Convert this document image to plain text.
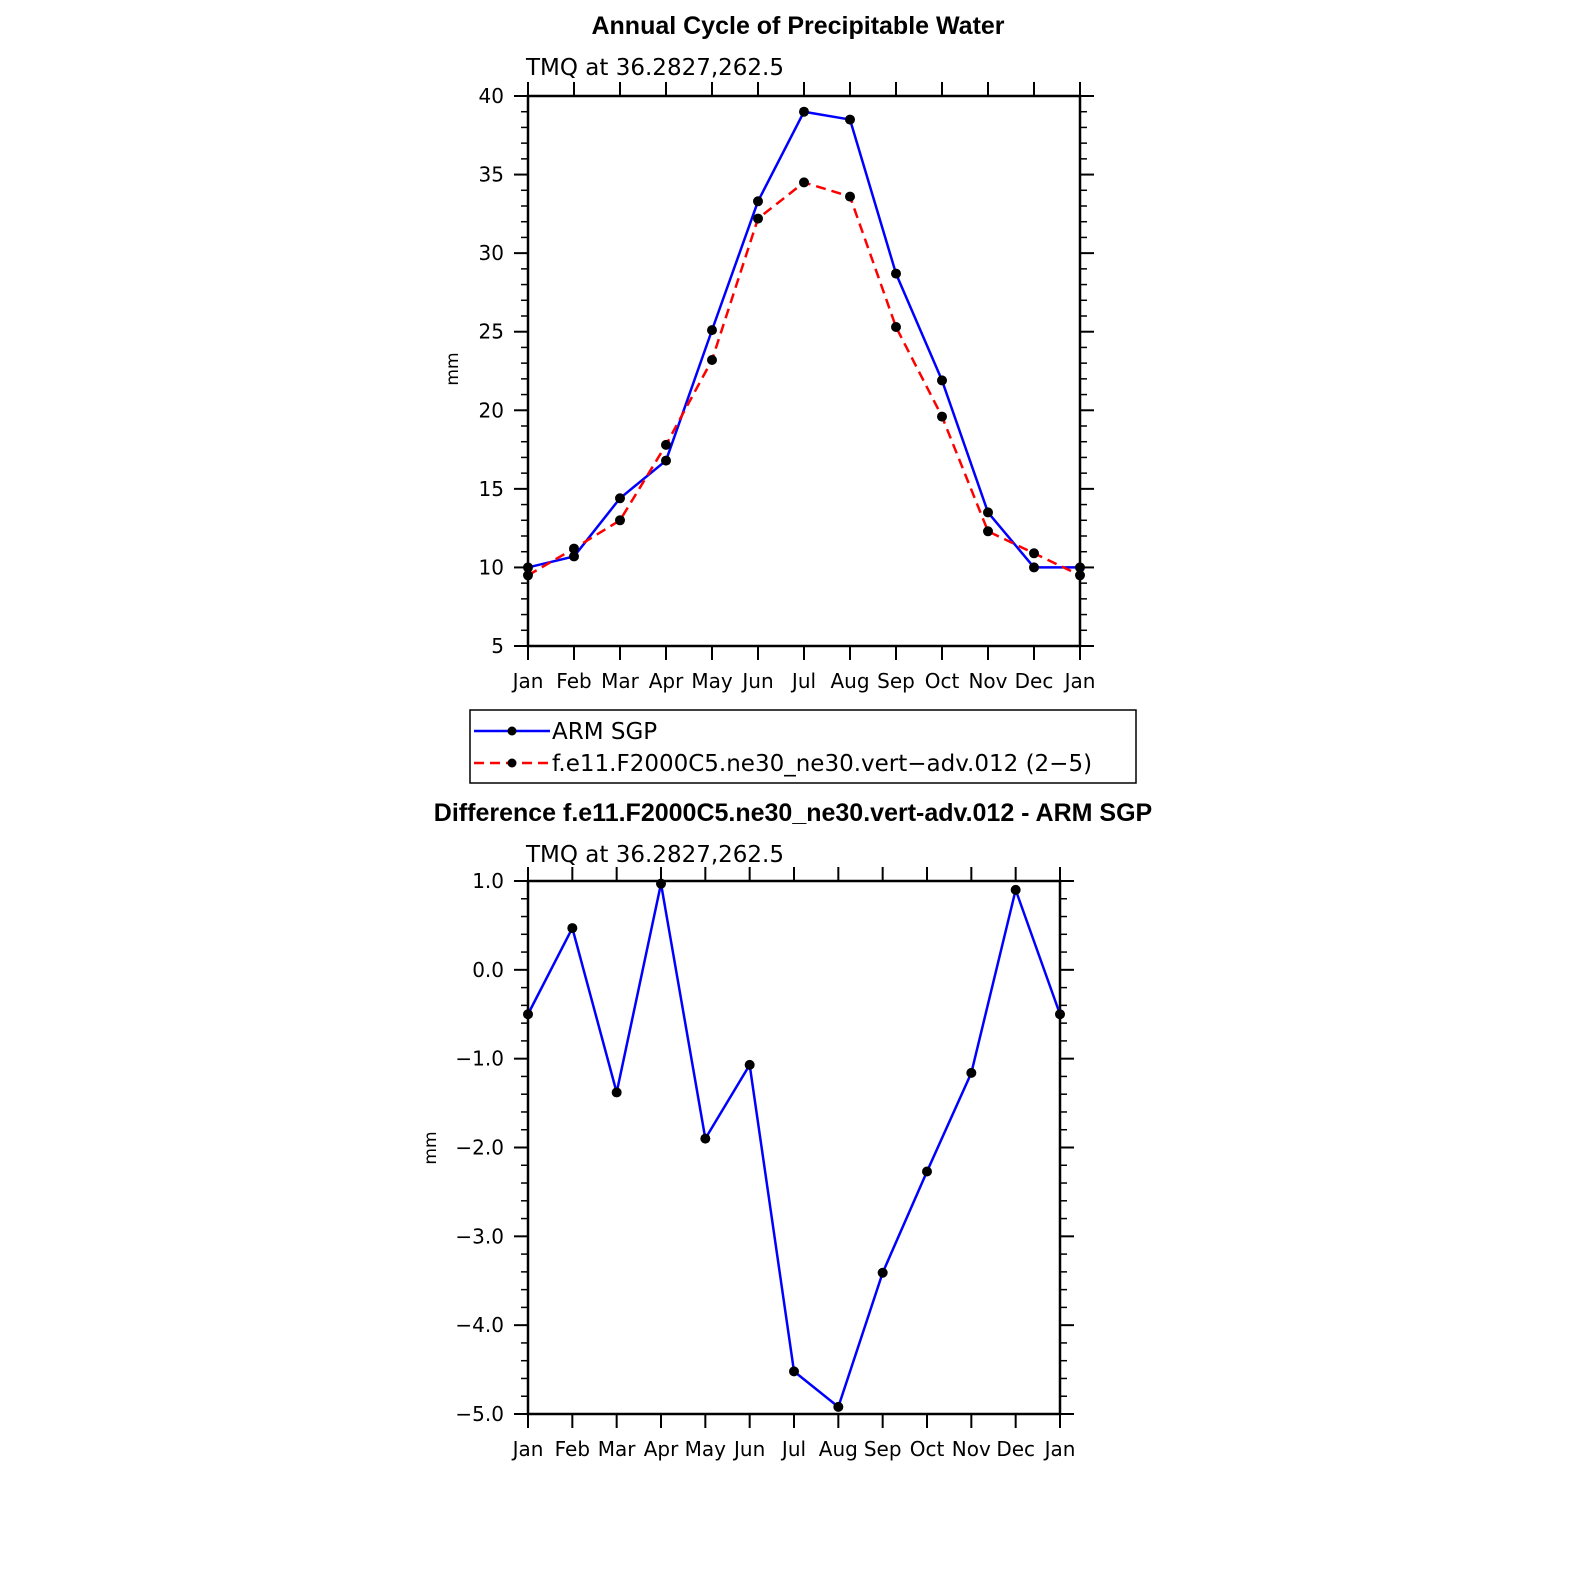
Annual Cycle of Precipitable Water
TMQ at 36.2827,262.5
mm
Jan Feb Mar Apr May Jun Jul Aug Sep Oct Nov Dec Jan
5
10
15
20
25
30
35
40
ARM SGP
f.e11.F2000C5.ne30_ne30.vert−adv.012 (2−5)
Difference f.e11.F2000C5.ne30_ne30.vert-adv.012 - ARM SGP
TMQ at 36.2827,262.5
mm
Jan Feb Mar Apr May Jun Jul Aug Sep Oct Nov Dec Jan
−5.0
−4.0
−3.0
−2.0
−1.0
0.0
1.0
